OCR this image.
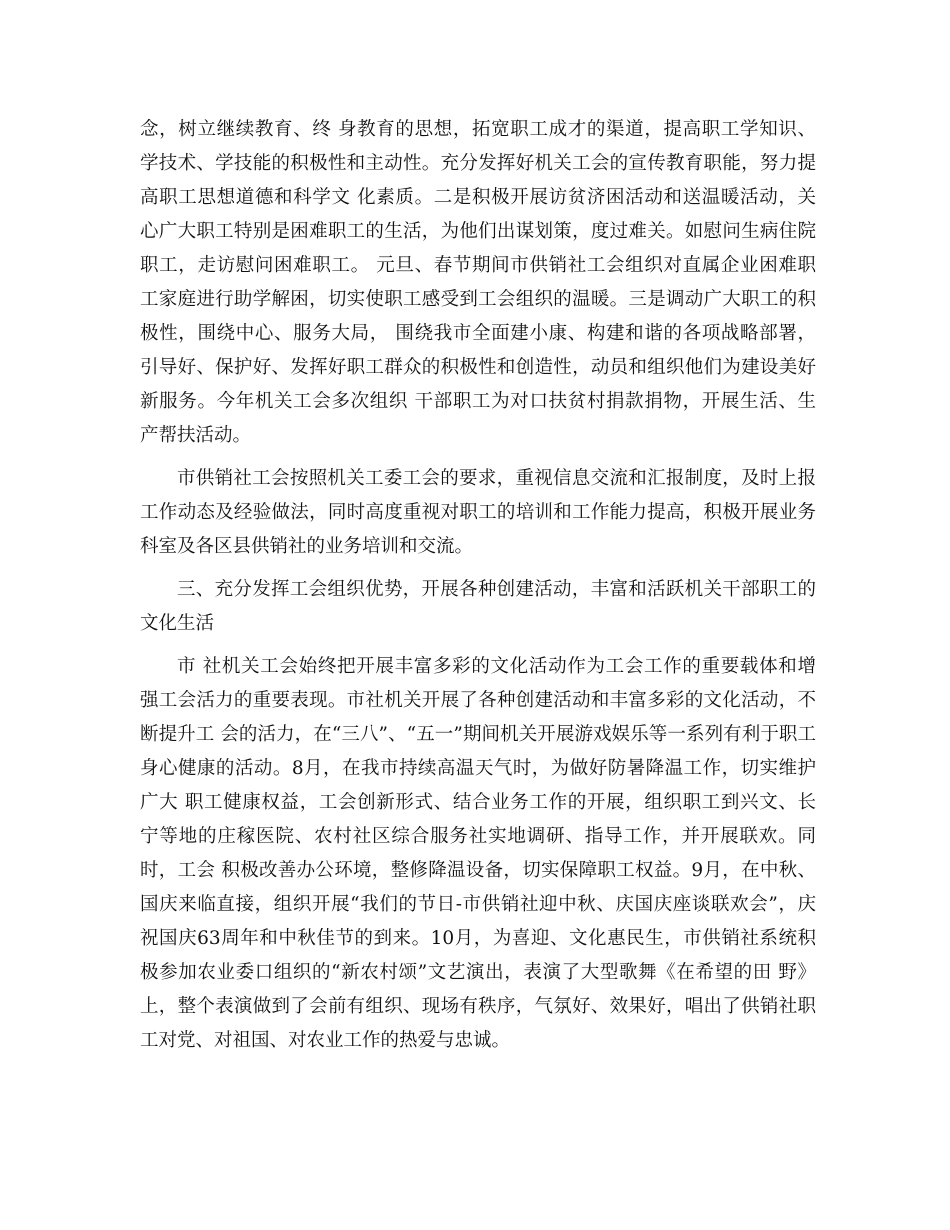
念，树立继续教育、终 身教育的思想，拓宽职工成才的渠道，提高职工学知识、
学技术、学技能的积极性和主动性。充分发挥好机关工会的宣传教育职能，努力提
高职工思想道德和科学文 化素质。二是积极开展访贫济困活动和送温暖活动，关
心广大职工特别是困难职工的生活，为他们出谋划策，度过难关。如慰问生病住院
职工，走访慰问困难职工。 元旦、春节期间市供销社工会组织对直属企业困难职
工家庭进行助学解困，切实使职工感受到工会组织的温暖。三是调动广大职工的积
极性，围绕中心、服务大局， 围绕我市全面建小康、构建和谐的各项战略部署，
引导好、保护好、发挥好职工群众的积极性和创造性，动员和组织他们为建设美好
新服务。今年机关工会多次组织 干部职工为对口扶贫村捐款捐物，开展生活、生
产帮扶活动。
市供销社工会按照机关工委工会的要求，重视信息交流和汇报制度，及时上报
工作动态及经验做法，同时高度重视对职工的培训和工作能力提高，积极开展业务
科室及各区县供销社的业务培训和交流。
三、充分发挥工会组织优势，开展各种创建活动，丰富和活跃机关干部职工的
文化生活
市 社机关工会始终把开展丰富多彩的文化活动作为工会工作的重要载体和增
强工会活力的重要表现。市社机关开展了各种创建活动和丰富多彩的文化活动，不
断提升工 会的活力，在“三八”、“五一”期间机关开展游戏娱乐等一系列有利于职工
身心健康的活动。8月，在我市持续高温天气时，为做好防暑降温工作，切实维护
广大 职工健康权益，工会创新形式、结合业务工作的开展，组织职工到兴文、长
宁等地的庄稼医院、农村社区综合服务社实地调研、指导工作，并开展联欢。同
时，工会 积极改善办公环境，整修降温设备，切实保障职工权益。9月，在中秋、
国庆来临直接，组织开展“我们的节日-市供销社迎中秋、庆国庆座谈联欢会”，庆
祝国庆63周年和中秋佳节的到来。10月，为喜迎、文化惠民生，市供销社系统积
极参加农业委口组织的“新农村颂”文艺演出，表演了大型歌舞《在希望的田 野》
上，整个表演做到了会前有组织、现场有秩序，气氛好、效果好，唱出了供销社职
工对党、对祖国、对农业工作的热爱与忠诚。
